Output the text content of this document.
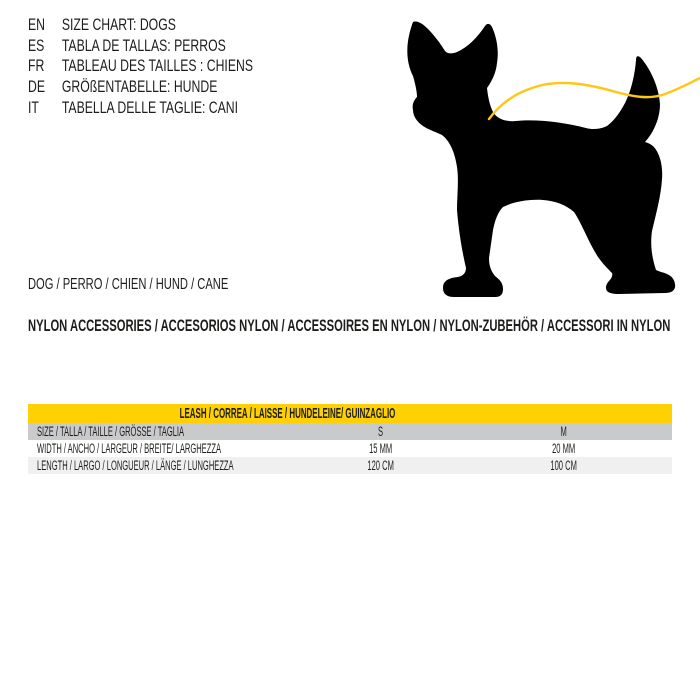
EN SIZE CHART: DOGS
ES	TABLA DE TALLAS: PERROS
FR	TABLEAU DES TAILLES : CHIENS
DE GRÖßENTABELLE: HUNDE
IT	TABELLA DELLE TAGLIE: CANI
DOG / PERRO / CHIEN / HUND / CANE
NYLON ACCESSORIES / ACCESORIOS NYLON / ACCESSOIRES EN NYLON / NYLON-ZUBEHÖR / ACCESSORI IN NYLON
LEASH / CORREA / LAISSE / HUNDELEINE/ GUINZAGLIO		
SIZE / TALLA / TAILLE / GRÖSSE / TAGLIA	S	M
WIDTH / ANCHO / LARGEUR / BREITE/ LARGHEZZA	15 MM	20 MM
LENGTH / LARGO / LONGUEUR / LÄNGE / LUNGHEZZA	120 CM	100 CM
